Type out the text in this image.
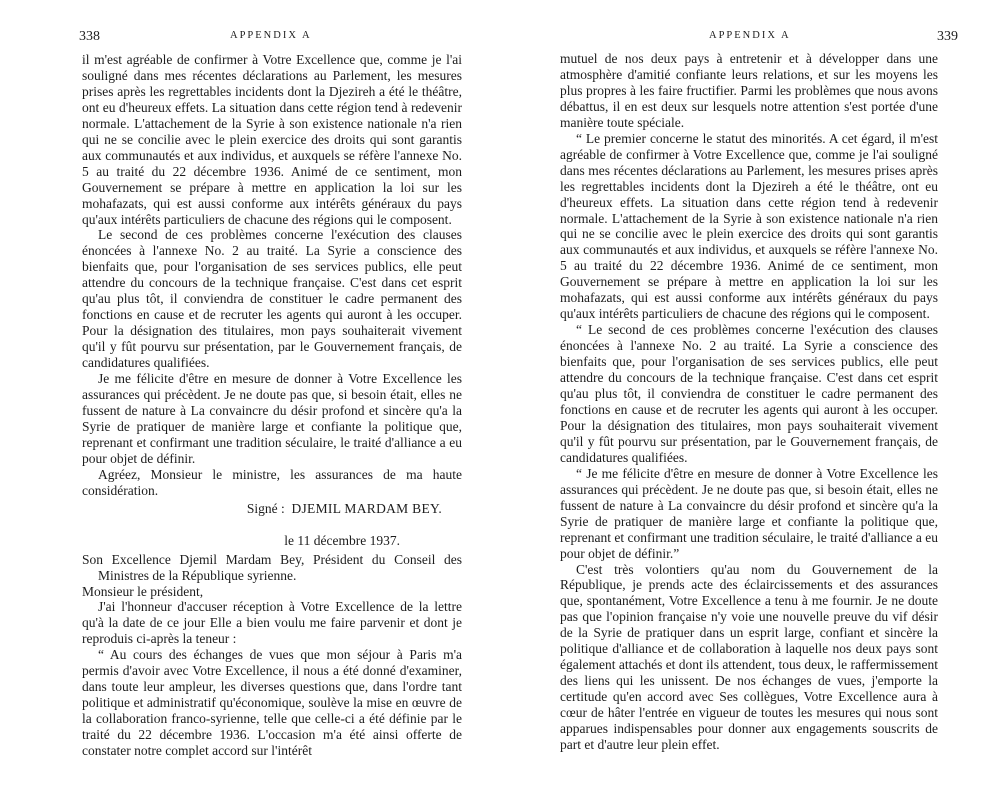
338	APPENDIX A

il m'est agréable de confirmer à Votre Excellence que, comme je l'ai souligné dans mes récentes déclarations au Parlement, les mesures prises après les regrettables incidents dont la Djezireh a été le théâtre, ont eu d'heureux effets. La situation dans cette région tend à redevenir normale. L'attachement de la Syrie à son existence nationale n'a rien qui ne se concilie avec le plein exercice des droits qui sont garantis aux communautés et aux individus, et auxquels se réfère l'annexe No. 5 au traité du 22 décembre 1936. Animé de ce sentiment, mon Gouvernement se prépare à mettre en application la loi sur les mohafazats, qui est aussi conforme aux intérêts généraux du pays qu'aux intérêts particuliers de chacune des régions qui le composent.

Le second de ces problèmes concerne l'exécution des clauses énoncées à l'annexe No. 2 au traité. La Syrie a conscience des bienfaits que, pour l'organisation de ses services publics, elle peut attendre du concours de la technique française. C'est dans cet esprit qu'au plus tôt, il conviendra de constituer le cadre permanent des fonctions en cause et de recruter les agents qui auront à les occuper. Pour la désignation des titulaires, mon pays souhaiterait vivement qu'il y fût pourvu sur présentation, par le Gouvernement français, de candidatures qualifiées.

Je me félicite d'être en mesure de donner à Votre Excellence les assurances qui précèdent. Je ne doute pas que, si besoin était, elles ne fussent de nature à La convaincre du désir profond et sincère qu'a la Syrie de pratiquer de manière large et confiante la politique que, reprenant et confirmant une tradition séculaire, le traité d'alliance a eu pour objet de définir.

Agréez, Monsieur le ministre, les assurances de ma haute considération.

Signé : DJEMIL MARDAM BEY.

le 11 décembre 1937.

Son Excellence Djemil Mardam Bey, Président du Conseil des Ministres de la République syrienne.

Monsieur le président,

J'ai l'honneur d'accuser réception à Votre Excellence de la lettre qu'à la date de ce jour Elle a bien voulu me faire parvenir et dont je reproduis ci-après la teneur :

“ Au cours des échanges de vues que mon séjour à Paris m'a permis d'avoir avec Votre Excellence, il nous a été donné d'examiner, dans toute leur ampleur, les diverses questions que, dans l'ordre tant politique et administratif qu'économique, soulève la mise en œuvre de la collaboration franco-syrienne, telle que celle-ci a été définie par le traité du 22 décembre 1936. L'occasion m'a été ainsi offerte de constater notre complet accord sur l'intérêt

APPENDIX A	339

mutuel de nos deux pays à entretenir et à développer dans une atmosphère d'amitié confiante leurs relations, et sur les moyens les plus propres à les faire fructifier. Parmi les problèmes que nous avons débattus, il en est deux sur lesquels notre attention s'est portée d'une manière toute spéciale.

“ Le premier concerne le statut des minorités. A cet égard, il m'est agréable de confirmer à Votre Excellence que, comme je l'ai souligné dans mes récentes déclarations au Parlement, les mesures prises après les regrettables incidents dont la Djezireh a été le théâtre, ont eu d'heureux effets. La situation dans cette région tend à redevenir normale. L'attachement de la Syrie à son existence nationale n'a rien qui ne se concilie avec le plein exercice des droits qui sont garantis aux communautés et aux individus, et auxquels se réfère l'annexe No. 5 au traité du 22 décembre 1936. Animé de ce sentiment, mon Gouvernement se prépare à mettre en application la loi sur les mohafazats, qui est aussi conforme aux intérêts généraux du pays qu'aux intérêts particuliers de chacune des régions qui le composent.

“ Le second de ces problèmes concerne l'exécution des clauses énoncées à l'annexe No. 2 au traité. La Syrie a conscience des bienfaits que, pour l'organisation de ses services publics, elle peut attendre du concours de la technique française. C'est dans cet esprit qu'au plus tôt, il conviendra de constituer le cadre permanent des fonctions en cause et de recruter les agents qui auront à les occuper. Pour la désignation des titulaires, mon pays souhaiterait vivement qu'il y fût pourvu sur présentation, par le Gouvernement français, de candidatures qualifiées.

“ Je me félicite d'être en mesure de donner à Votre Excellence les assurances qui précèdent. Je ne doute pas que, si besoin était, elles ne fussent de nature à La convaincre du désir profond et sincère qu'a la Syrie de pratiquer de manière large et confiante la politique que, reprenant et confirmant une tradition séculaire, le traité d'alliance a eu pour objet de définir.”

C'est très volontiers qu'au nom du Gouvernement de la République, je prends acte des éclaircissements et des assurances que, spontanément, Votre Excellence a tenu à me fournir. Je ne doute pas que l'opinion française n'y voie une nouvelle preuve du vif désir de la Syrie de pratiquer dans un esprit large, confiant et sincère la politique d'alliance et de collaboration à laquelle nos deux pays sont également attachés et dont ils attendent, tous deux, le raffermissement des liens qui les unissent. De nos échanges de vues, j'emporte la certitude qu'en accord avec Ses collègues, Votre Excellence aura à cœur de hâter l'entrée en vigueur de toutes les mesures qui nous sont apparues indispensables pour donner aux engagements souscrits de part et d'autre leur plein effet.
